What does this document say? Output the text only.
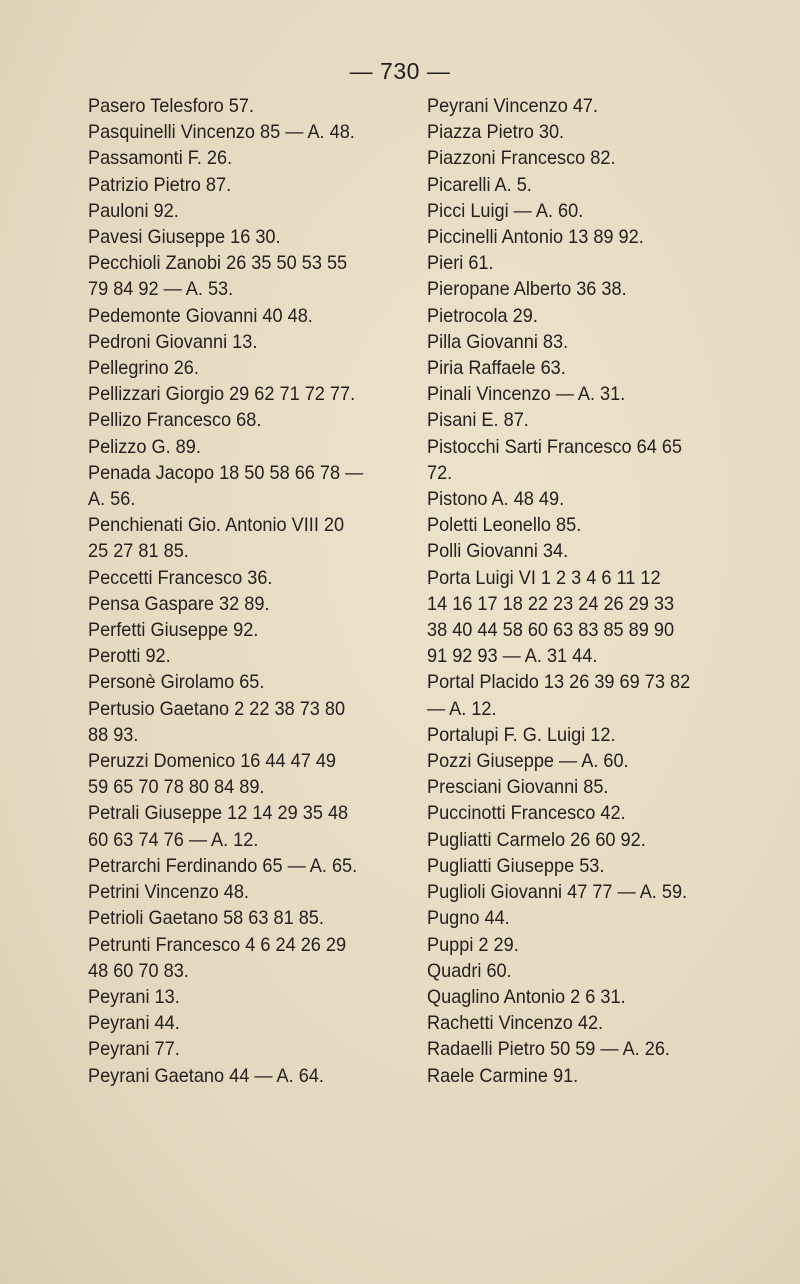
— 730 —
Pasero Telesforo 57.
Pasquinelli Vincenzo 85 — A. 48.
Passamonti F. 26.
Patrizio Pietro 87.
Pauloni 92.
Pavesi Giuseppe 16 30.
Pecchioli Zanobi 26 35 50 53 55
79 84 92 — A. 53.
Pedemonte Giovanni 40 48.
Pedroni Giovanni 13.
Pellegrino 26.
Pellizzari Giorgio 29 62 71 72 77.
Pellizo Francesco 68.
Pelizzo G. 89.
Penada Jacopo 18 50 58 66 78 —
A. 56.
Penchienati Gio. Antonio VIII 20
25 27 81 85.
Peccetti Francesco 36.
Pensa Gaspare 32 89.
Perfetti Giuseppe 92.
Perotti 92.
Personè Girolamo 65.
Pertusio Gaetano 2 22 38 73 80
88 93.
Peruzzi Domenico 16 44 47 49
59 65 70 78 80 84 89.
Petrali Giuseppe 12 14 29 35 48
60 63 74 76 — A. 12.
Petrarchi Ferdinando 65 — A. 65.
Petrini Vincenzo 48.
Petrioli Gaetano 58 63 81 85.
Petrunti Francesco 4 6 24 26 29
48 60 70 83.
Peyrani 13.
Peyrani 44.
Peyrani 77.
Peyrani Gaetano 44 — A. 64.
Peyrani Vincenzo 47.
Piazza Pietro 30.
Piazzoni Francesco 82.
Picarelli A. 5.
Picci Luigi — A. 60.
Piccinelli Antonio 13 89 92.
Pieri 61.
Pieropane Alberto 36 38.
Pietrocola 29.
Pilla Giovanni 83.
Piria Raffaele 63.
Pinali Vincenzo — A. 31.
Pisani E. 87.
Pistocchi Sarti Francesco 64 65
72.
Pistono A. 48 49.
Poletti Leonello 85.
Polli Giovanni 34.
Porta Luigi VI 1 2 3 4 6 11 12
14 16 17 18 22 23 24 26 29 33
38 40 44 58 60 63 83 85 89 90
91 92 93 — A. 31 44.
Portal Placido 13 26 39 69 73 82
— A. 12.
Portalupi F. G. Luigi 12.
Pozzi Giuseppe — A. 60.
Presciani Giovanni 85.
Puccinotti Francesco 42.
Pugliatti Carmelo 26 60 92.
Pugliatti Giuseppe 53.
Puglioli Giovanni 47 77 — A. 59.
Pugno 44.
Puppi 2 29.
Quadri 60.
Quaglino Antonio 2 6 31.
Rachetti Vincenzo 42.
Radaelli Pietro 50 59 — A. 26.
Raele Carmine 91.
